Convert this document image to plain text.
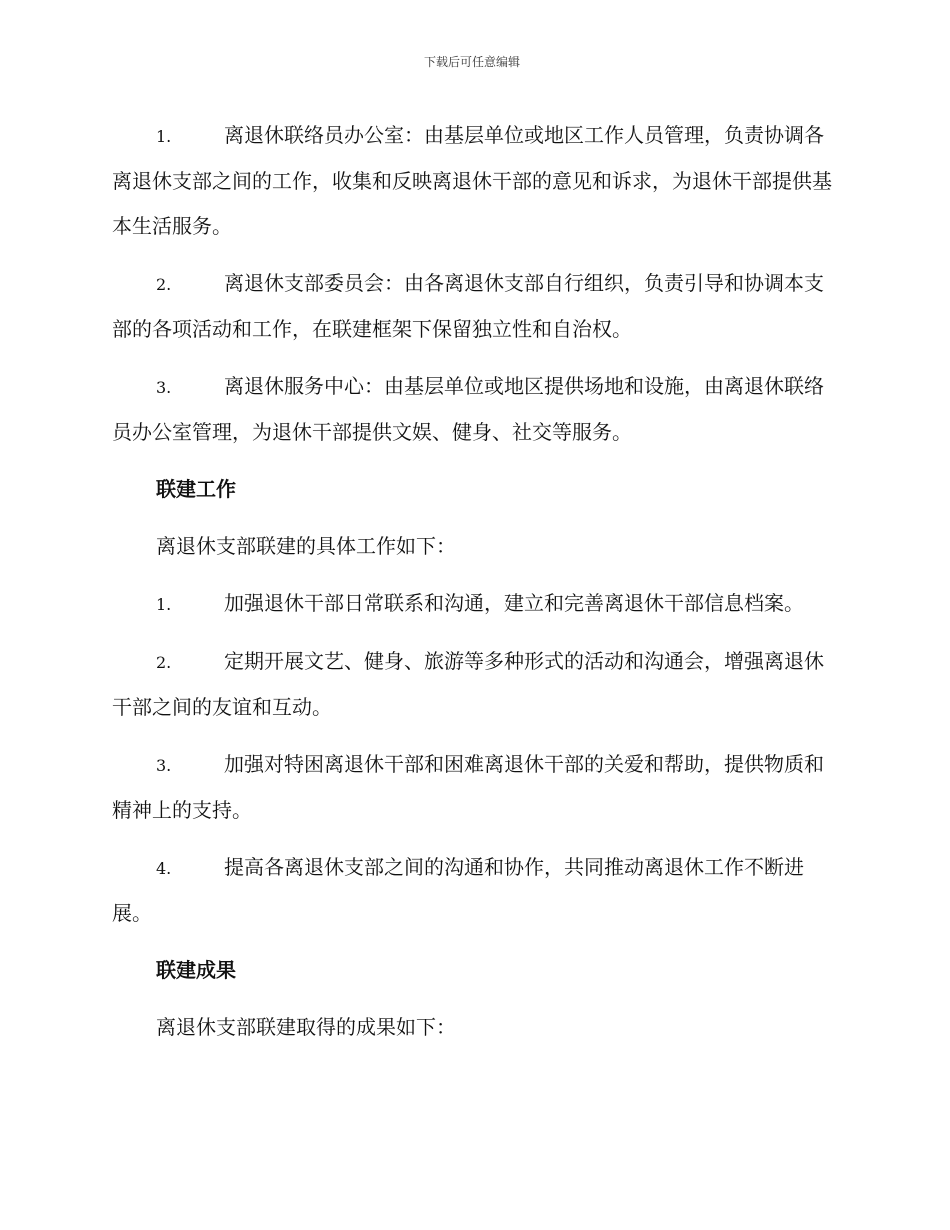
下载后可任意编辑
1.	离退休联络员办公室：由基层单位或地区工作人员管理，负责协调各离退休支部之间的工作，收集和反映离退休干部的意见和诉求，为退休干部提供基本生活服务。
2.	离退休支部委员会：由各离退休支部自行组织，负责引导和协调本支部的各项活动和工作，在联建框架下保留独立性和自治权。
3.	离退休服务中心：由基层单位或地区提供场地和设施，由离退休联络员办公室管理，为退休干部提供文娱、健身、社交等服务。
联建工作
离退休支部联建的具体工作如下：
1.	加强退休干部日常联系和沟通，建立和完善离退休干部信息档案。
2.	定期开展文艺、健身、旅游等多种形式的活动和沟通会，增强离退休干部之间的友谊和互动。
3.	加强对特困离退休干部和困难离退休干部的关爱和帮助，提供物质和精神上的支持。
4.	提高各离退休支部之间的沟通和协作，共同推动离退休工作不断进展。
联建成果
离退休支部联建取得的成果如下：
